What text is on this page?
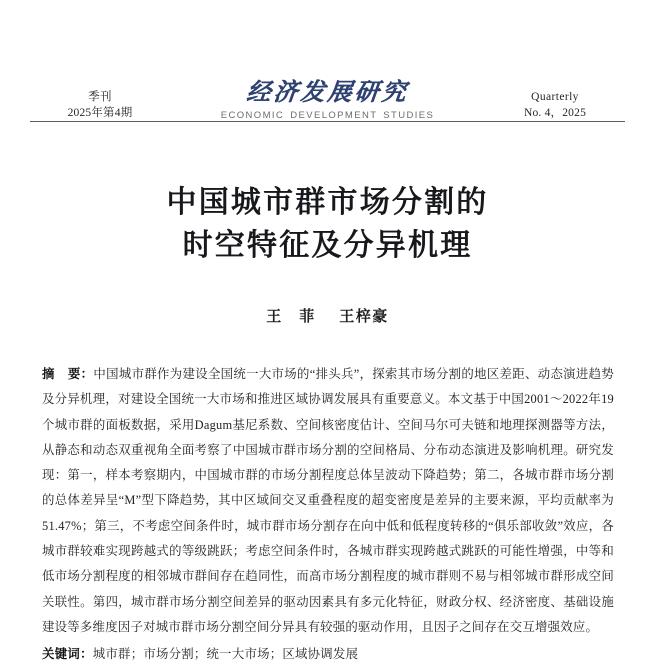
季刊
2025年第4期
经济发展研究
ECONOMIC DEVELOPMENT STUDIES
Quarterly
No. 4，2025
中国城市群市场分割的
时空特征及分异机理
王　菲 王梓豪

摘 要：中国城市群作为建设全国统一大市场的“排头兵”，探索其市场分割的地区差距、动态演进趋势及分异机理，对建设全国统一大市场和推进区域协调发展具有重要意义。本文基于中国2001～2022年19个城市群的面板数据，采用Dagum基尼系数、空间核密度估计、空间马尔可夫链和地理探测器等方法，从静态和动态双重视角全面考察了中国城市群市场分割的空间格局、分布动态演进及影响机理。研究发现：第一，样本考察期内，中国城市群的市场分割程度总体呈波动下降趋势；第二，各城市群市场分割的总体差异呈“M”型下降趋势，其中区域间交叉重叠程度的超变密度是差异的主要来源，平均贡献率为51.47%；第三，不考虑空间条件时，城市群市场分割存在向中低和低程度转移的“俱乐部收敛”效应，各城市群较难实现跨越式的等级跳跃；考虑空间条件时，各城市群实现跨越式跳跃的可能性增强，中等和低市场分割程度的相邻城市群间存在趋同性，而高市场分割程度的城市群则不易与相邻城市群形成空间关联性。第四，城市群市场分割空间差异的驱动因素具有多元化特征，财政分权、经济密度、基础设施建设等多维度因子对城市群市场分割空间分异具有较强的驱动作用，且因子之间存在交互增强效应。

关键词：城市群；市场分割；统一大市场；区域协调发展
